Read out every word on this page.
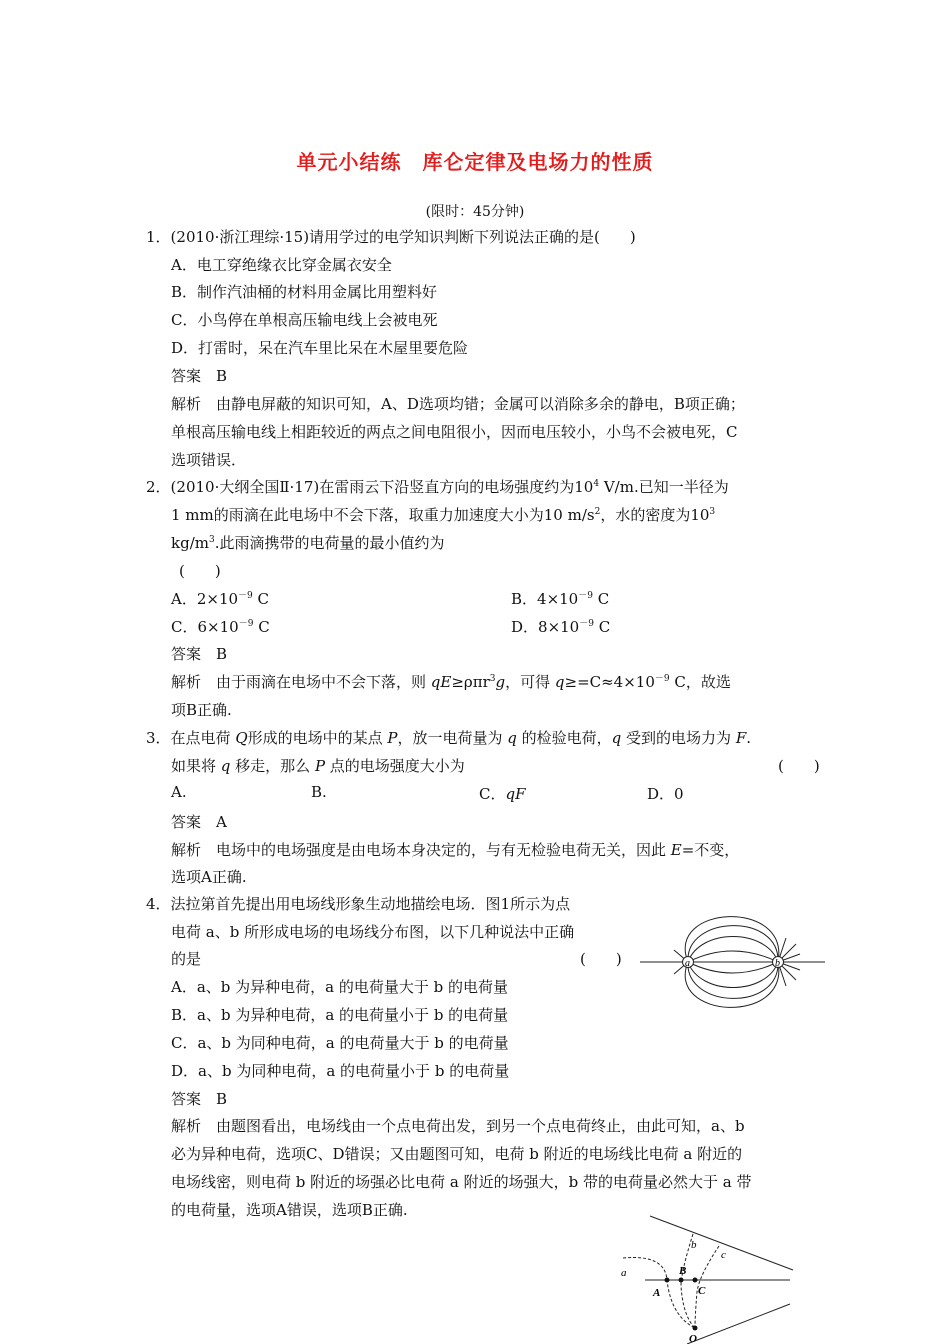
单元小结练　库仑定律及电场力的性质
(限时：45分钟)
1．(2010·浙江理综·15)请用学过的电学知识判断下列说法正确的是(　　)
A．电工穿绝缘衣比穿金属衣安全
B．制作汽油桶的材料用金属比用塑料好
C．小鸟停在单根高压输电线上会被电死
D．打雷时，呆在汽车里比呆在木屋里要危险
答案　B
解析　由静电屏蔽的知识可知，A、D选项均错；金属可以消除多余的静电，B项正确；
单根高压输电线上相距较近的两点之间电阻很小，因而电压较小，小鸟不会被电死，C
选项错误．
2．(2010·大纲全国Ⅱ·17)在雷雨云下沿竖直方向的电场强度约为$10^4$ V/m.已知一半径为
1 mm的雨滴在此电场中不会下落，取重力加速度大小为10 $m/s^2$，水的密度为$10^3$
$kg/m^3$.此雨滴携带的电荷量的最小值约为
(　　)
A．$2\times 10^{-9}$ C	B．$4\times 10^{-9}$ C
C．$6\times 10^{-9}$ C	D．$8\times 10^{-9}$ C
答案　B
解析　由于雨滴在电场中不会下落，则 qE≥ρπr$^3$g，可得 $q\ge=C\approx 4\times 10^{-9}$ C，故选
项B正确.
3．在点电荷 Q形成的电场中的某点 P，放一电荷量为 q 的检验电荷，q 受到的电场力为 F.
如果将 q 移走，那么 P 点的电场强度大小为	(　　)
A.	B.	C．qF	D．0
答案　A
解析　电场中的电场强度是由电场本身决定的，与有无检验电荷无关，因此 E=不变，
选项A正确.
4．法拉第首先提出用电场线形象生动地描绘电场．图1所示为点
电荷 a、b 所形成电场的电场线分布图，以下几种说法中正确
的是	(　　)
A．a、b 为异种电荷，a 的电荷量大于 b 的电荷量
B．a、b 为异种电荷，a 的电荷量小于 b 的电荷量
C．a、b 为同种电荷，a 的电荷量大于 b 的电荷量
D．a、b 为同种电荷，a 的电荷量小于 b 的电荷量
答案　B
解析　由题图看出，电场线由一个点电荷出发，到另一个点电荷终止，由此可知，a、b
必为异种电荷，选项C、D错误；又由题图可知，电荷 b 附近的电场线比电荷 a 附近的
电场线密，则电荷 b 附近的场强必比电荷 a 附近的场强大，b 带的电荷量必然大于 a 带
的电荷量，选项A错误，选项B正确.
a	b
a
b
c
A
B
C
O
